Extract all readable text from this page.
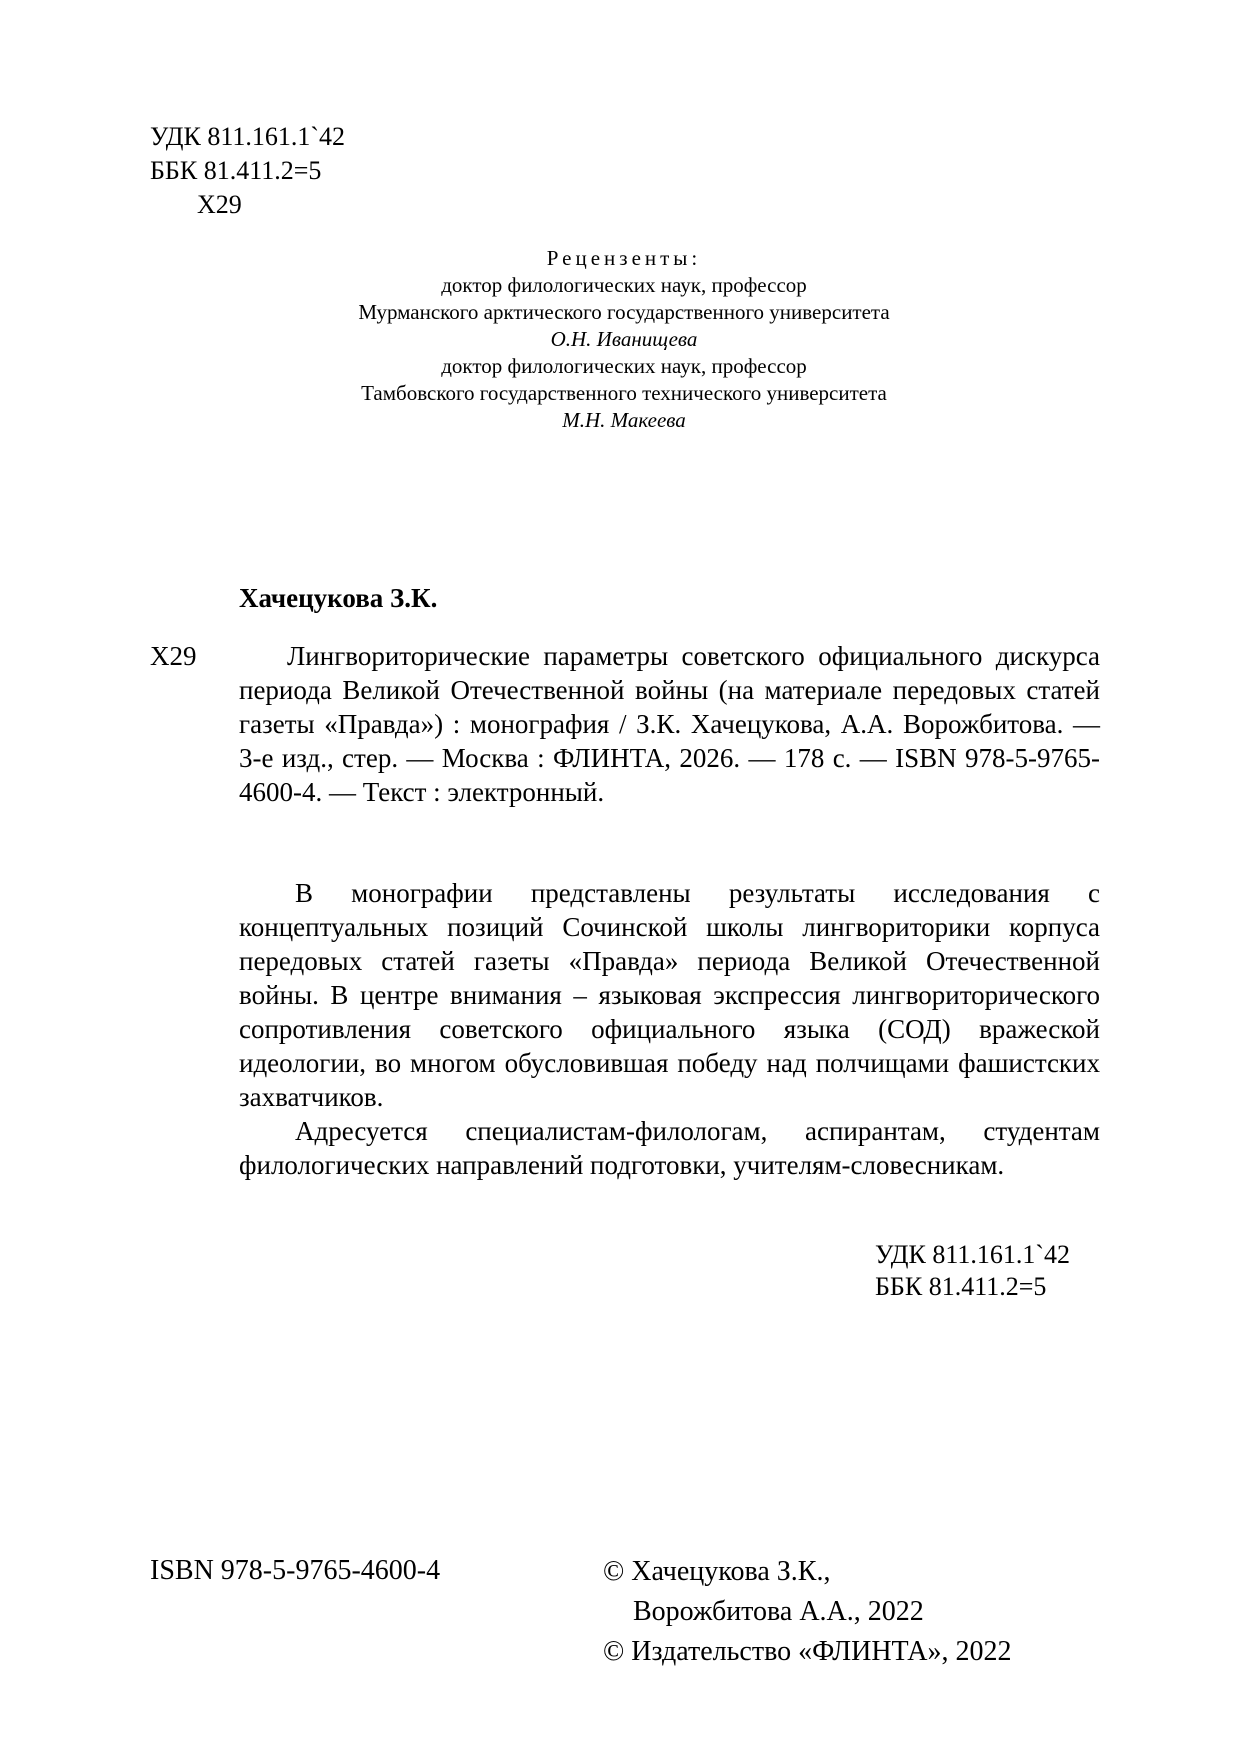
УДК 811.161.1`42
ББК 81.411.2=5
Х29
Рецензенты:
доктор филологических наук, профессор
Мурманского арктического государственного университета
О.Н. Иванищева
доктор филологических наук, профессор
Тамбовского государственного технического университета
М.Н. Макеева
Хачецукова З.К.
Х29	Лингвориторические параметры советского официального дискурса периода Великой Отечественной войны (на материале передовых статей газеты «Правда») : монография / З.К. Хачецукова, А.А. Ворожбитова. — 3-е изд., стер. — Москва : ФЛИНТА, 2026. — 178 с. — ISBN 978-5-9765-4600-4. — Текст : электронный.

В монографии представлены результаты исследования с концептуальных позиций Сочинской школы лингвориторики корпуса передовых статей газеты «Правда» периода Великой Отечественной войны. В центре внимания – языковая экспрессия лингвориторического сопротивления советского официального языка (СОД) вражеской идеологии, во многом обусловившая победу над полчищами фашистских захватчиков.

Адресуется специалистам-филологам, аспирантам, студентам филологических направлений подготовки, учителям-словесникам.

УДК 811.161.1`42
ББК 81.411.2=5
ISBN 978-5-9765-4600-4	© Хачецукова З.К.,
Ворожбитова А.А., 2022
© Издательство «ФЛИНТА», 2022
